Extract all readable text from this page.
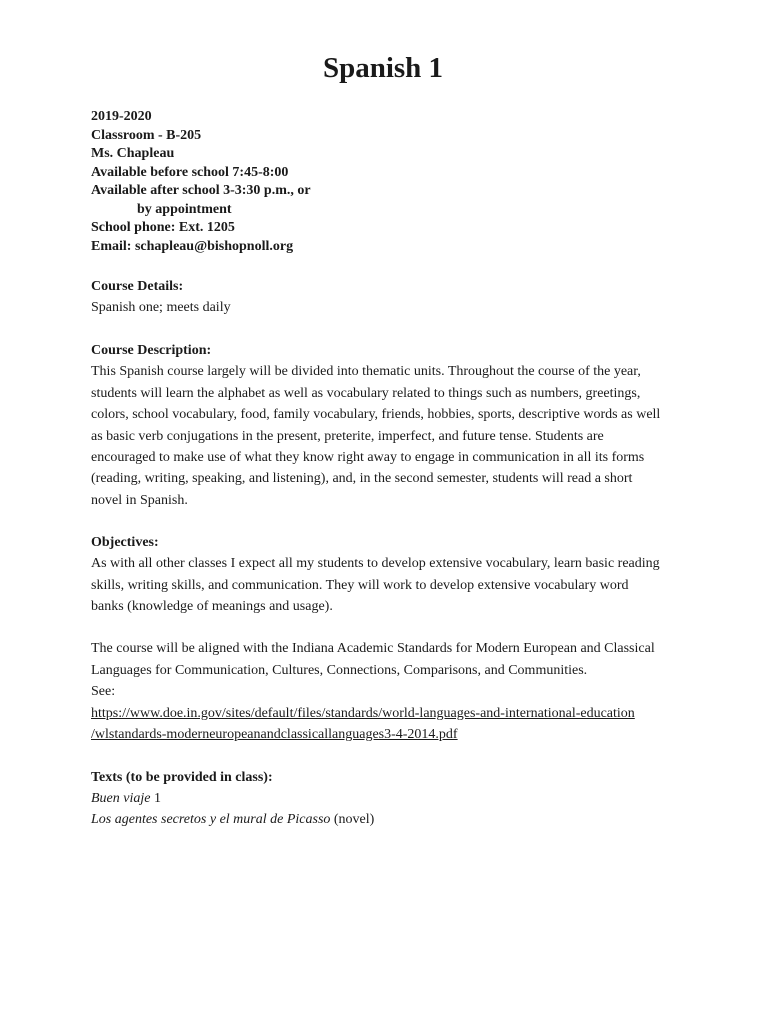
Spanish 1

2019-2020

Classroom - B-205

Ms. Chapleau

Available before school 7:45-8:00

Available after school 3-3:30 p.m., or

by appointment

School phone: Ext. 1205

Email: schapleau@bishopnoll.org

Course Details:

Spanish one; meets daily

Course Description:

This Spanish course largely will be divided into thematic units. Throughout the course of the year,

students will learn the alphabet as well as vocabulary related to things such as numbers, greetings,

colors, school vocabulary, food, family vocabulary, friends, hobbies, sports, descriptive words as well

as basic verb conjugations in the present, preterite, imperfect, and future tense. Students are

encouraged to make use of what they know right away to engage in communication in all its forms

(reading, writing, speaking, and listening), and, in the second semester, students will read a short

novel in Spanish.

Objectives:

As with all other classes I expect all my students to develop extensive vocabulary, learn basic reading

skills, writing skills, and communication. They will work to develop extensive vocabulary word

banks (knowledge of meanings and usage).

The course will be aligned with the Indiana Academic Standards for Modern European and Classical

Languages for Communication, Cultures, Connections, Comparisons, and Communities.

See:

https://www.doe.in.gov/sites/default/files/standards/world-languages-and-international-education

/wlstandards-moderneuropeanandclassicallanguages3-4-2014.pdf

Texts (to be provided in class):

Buen viaje 1

Los agentes secretos y el mural de Picasso (novel)
